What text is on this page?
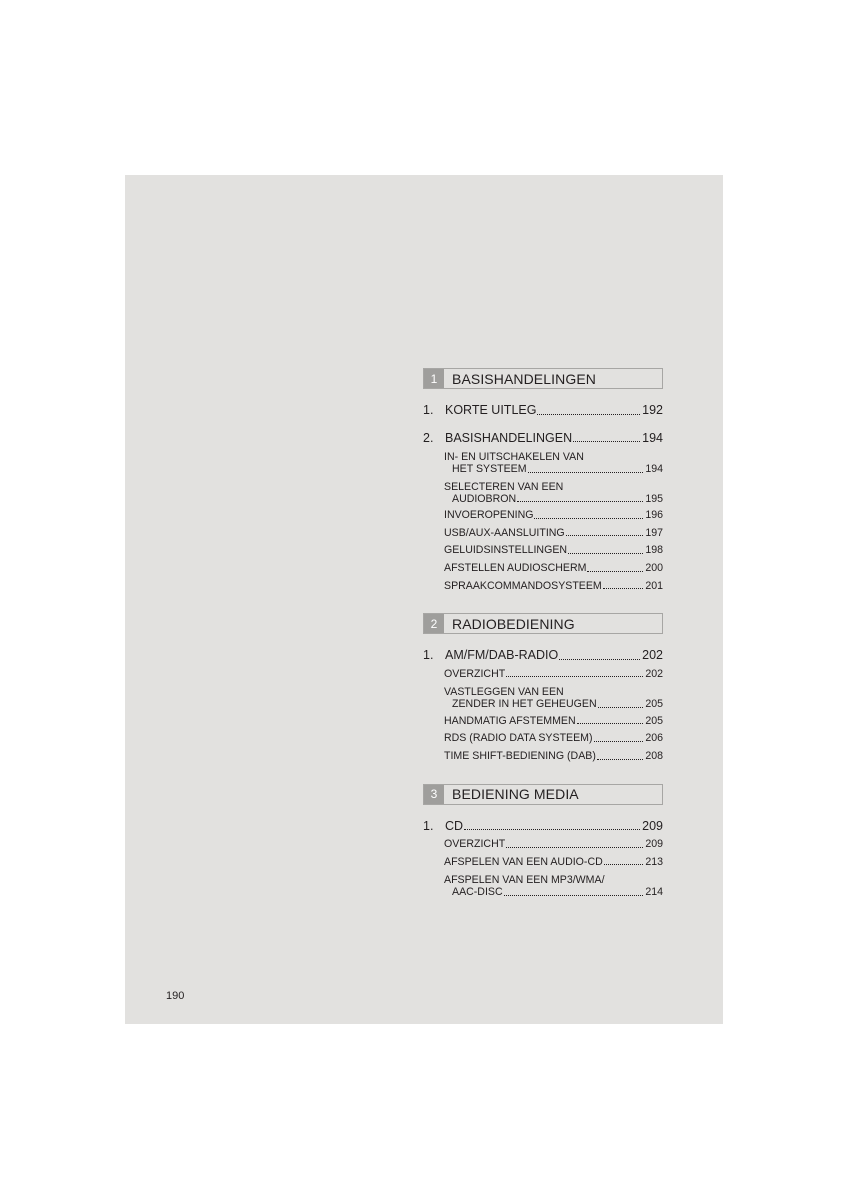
1	BASISHANDELINGEN
1. KORTE UITLEG	192
2. BASISHANDELINGEN	194
IN- EN UITSCHAKELEN VAN
HET SYSTEEM	194
SELECTEREN VAN EEN
AUDIOBRON	195
INVOEROPENING	196
USB/AUX-AANSLUITING	197
GELUIDSINSTELLINGEN	198
AFSTELLEN AUDIOSCHERM	200
SPRAAKCOMMANDOSYSTEEM	201
2	RADIOBEDIENING
1. AM/FM/DAB-RADIO	202
OVERZICHT	202
VASTLEGGEN VAN EEN
ZENDER IN HET GEHEUGEN	205
HANDMATIG AFSTEMMEN	205
RDS (RADIO DATA SYSTEEM)	206
TIME SHIFT-BEDIENING (DAB)	208
3	BEDIENING MEDIA
1. CD	209
OVERZICHT	209
AFSPELEN VAN EEN AUDIO-CD	213
AFSPELEN VAN EEN MP3/WMA/
AAC-DISC	214
190
